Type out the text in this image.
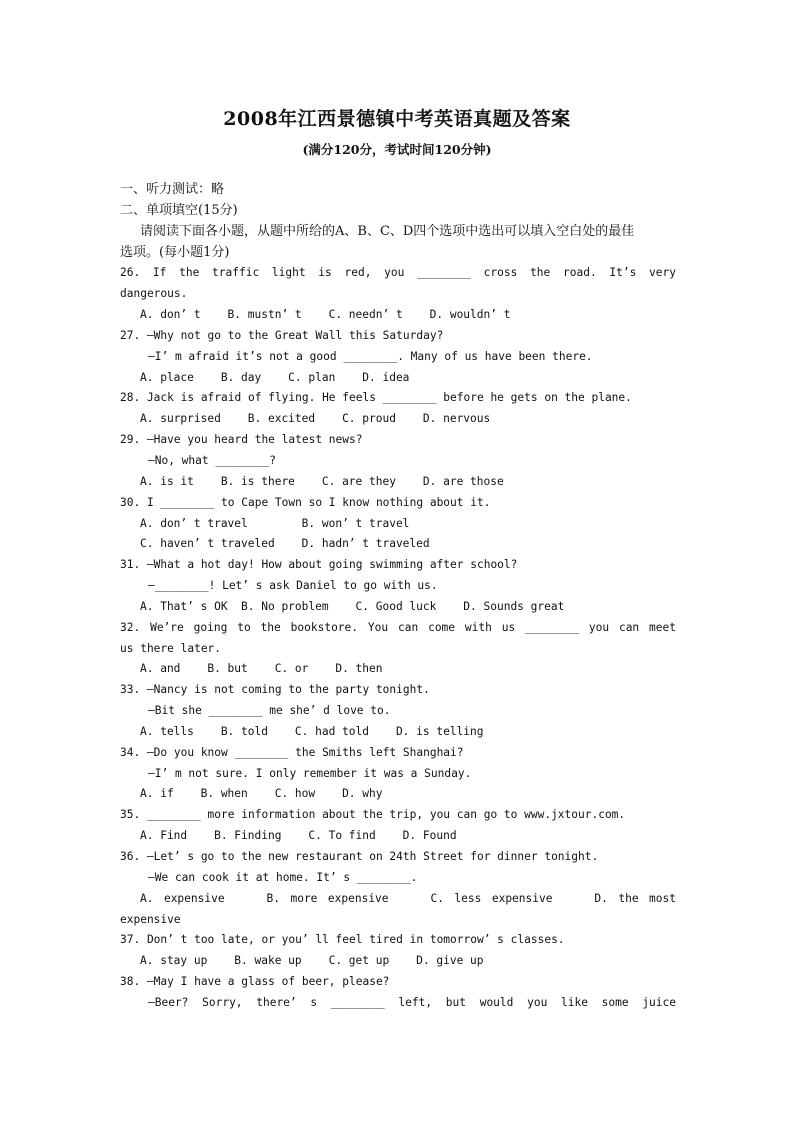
2008年江西景德镇中考英语真题及答案
(满分120分，考试时间120分钟)
一、听力测试：略
二、单项填空(15分)
请阅读下面各小题，从题中所给的A、B、C、D四个选项中选出可以填入空白处的最佳
选项。(每小题1分)
26. If the traffic light is red, you ________ cross the road. It’s very
dangerous.
A. don’ t    B. mustn’ t    C. needn’ t    D. wouldn’ t
27. —Why not go to the Great Wall this Saturday?
—I’ m afraid it’s not a good ________. Many of us have been there.
A. place    B. day    C. plan    D. idea
28. Jack is afraid of flying. He feels ________ before he gets on the plane.
A. surprised    B. excited    C. proud    D. nervous
29. —Have you heard the latest news?
—No, what ________?
A. is it    B. is there    C. are they    D. are those
30. I ________ to Cape Town so I know nothing about it.
A. don’ t travel        B. won’ t travel
C. haven’ t traveled    D. hadn’ t traveled
31. —What a hot day! How about going swimming after school?
—________! Let’ s ask Daniel to go with us.
A. That’ s OK  B. No problem    C. Good luck    D. Sounds great
32. We’re going to the bookstore. You can come with us ________ you can meet
us there later.
A. and    B. but    C. or    D. then
33. —Nancy is not coming to the party tonight.
—Bit she ________ me she’ d love to.
A. tells    B. told    C. had told    D. is telling
34. —Do you know ________ the Smiths left Shanghai?
—I’ m not sure. I only remember it was a Sunday.
A. if    B. when    C. how    D. why
35. ________ more information about the trip, you can go to www.jxtour.com.
A. Find    B. Finding    C. To find    D. Found
36. —Let’ s go to the new restaurant on 24th Street for dinner tonight.
—We can cook it at home. It’ s ________.
A. expensive    B. more expensive    C. less expensive    D. the most
expensive
37. Don’ t too late, or you’ ll feel tired in tomorrow’ s classes.
A. stay up    B. wake up    C. get up    D. give up
38. —May I have a glass of beer, please?
—Beer? Sorry, there’ s ________ left, but would you like some juice
